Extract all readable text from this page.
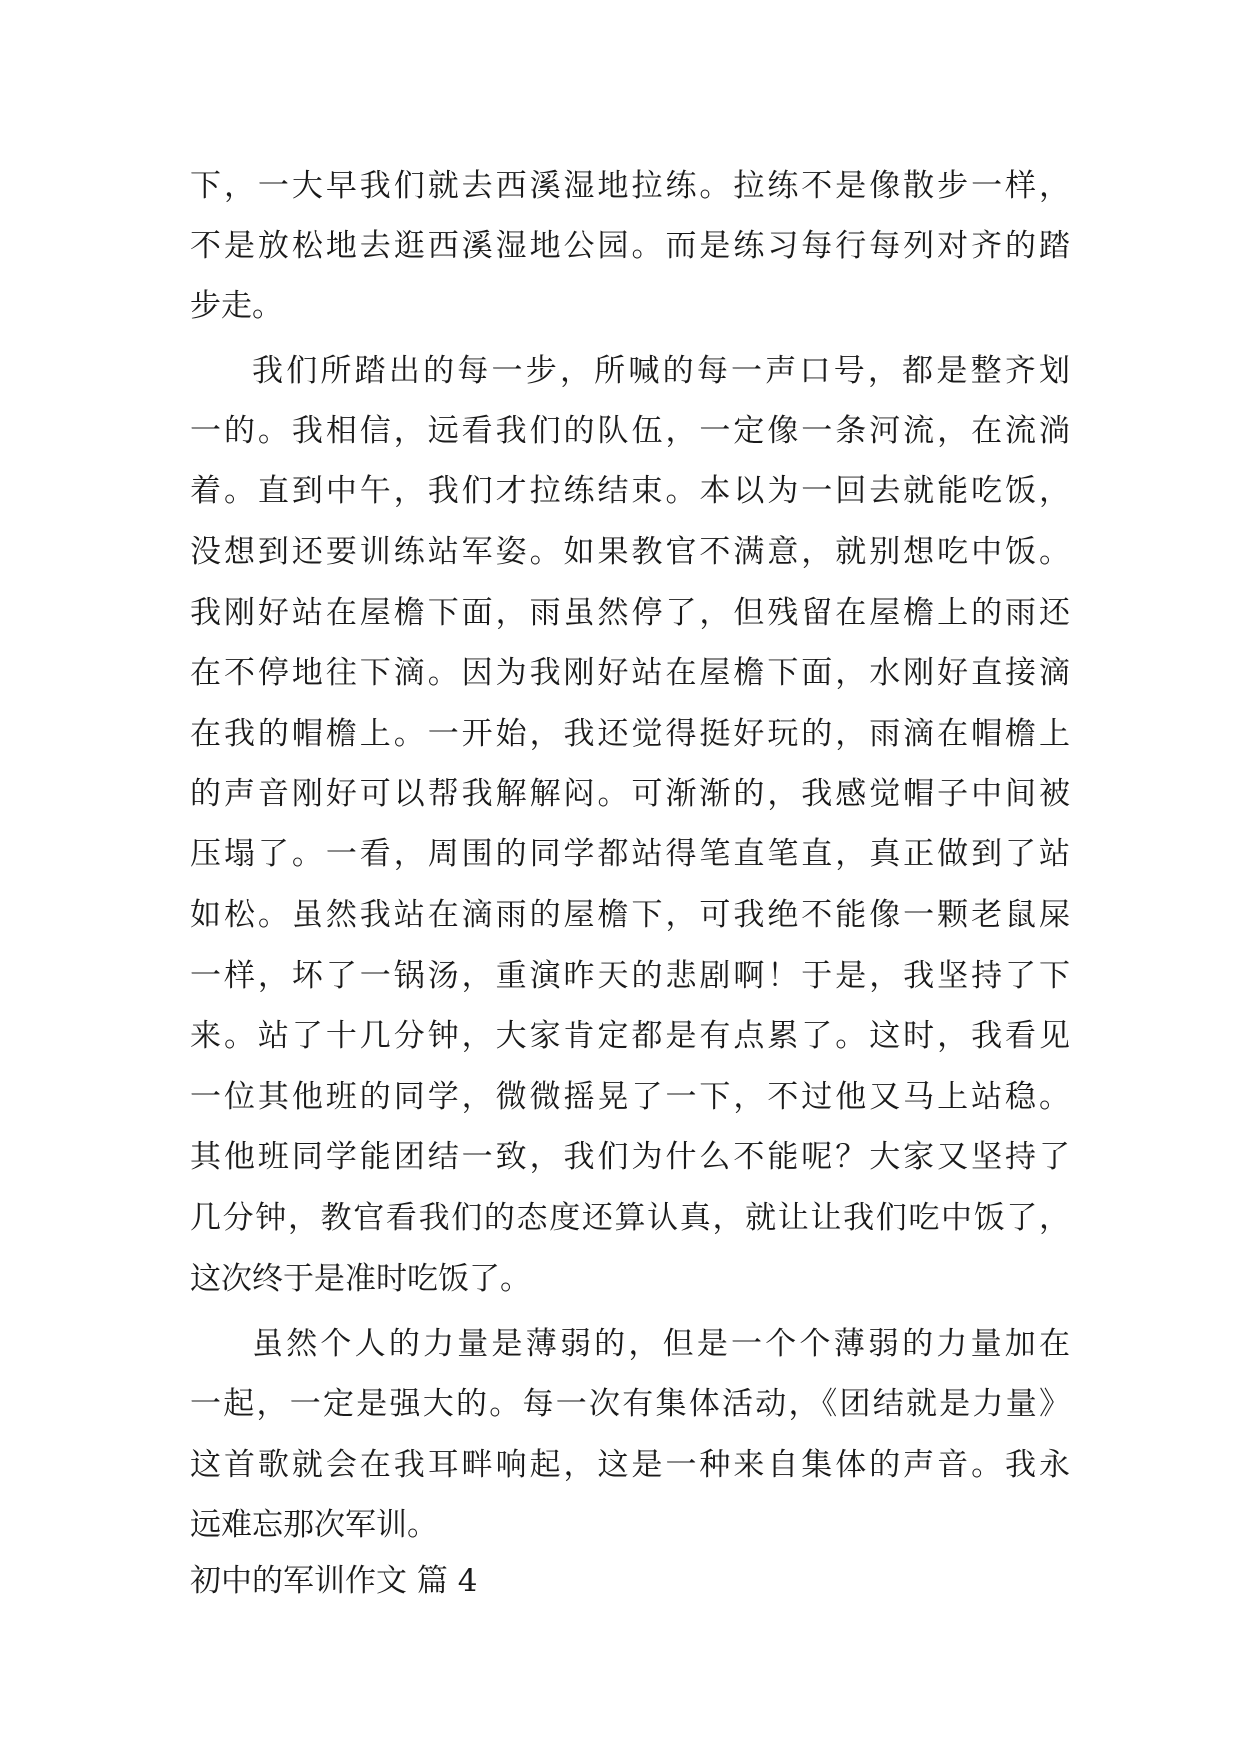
下，一大早我们就去西溪湿地拉练。拉练不是像散步一样，
不是放松地去逛西溪湿地公园。而是练习每行每列对齐的踏
步走。
我们所踏出的每一步，所喊的每一声口号，都是整齐划
一的。我相信，远看我们的队伍，一定像一条河流，在流淌
着。直到中午，我们才拉练结束。本以为一回去就能吃饭，
没想到还要训练站军姿。如果教官不满意，就别想吃中饭。
我刚好站在屋檐下面，雨虽然停了，但残留在屋檐上的雨还
在不停地往下滴。因为我刚好站在屋檐下面，水刚好直接滴
在我的帽檐上。一开始，我还觉得挺好玩的，雨滴在帽檐上
的声音刚好可以帮我解解闷。可渐渐的，我感觉帽子中间被
压塌了。一看，周围的同学都站得笔直笔直，真正做到了站
如松。虽然我站在滴雨的屋檐下，可我绝不能像一颗老鼠屎
一样，坏了一锅汤，重演昨天的悲剧啊！于是，我坚持了下
来。站了十几分钟，大家肯定都是有点累了。这时，我看见
一位其他班的同学，微微摇晃了一下，不过他又马上站稳。
其他班同学能团结一致，我们为什么不能呢？大家又坚持了
几分钟，教官看我们的态度还算认真，就让让我们吃中饭了，
这次终于是准时吃饭了。
虽然个人的力量是薄弱的，但是一个个薄弱的力量加在
一起，一定是强大的。每一次有集体活动，《团结就是力量》
这首歌就会在我耳畔响起，这是一种来自集体的声音。我永
远难忘那次军训。
初中的军训作文 篇 4
